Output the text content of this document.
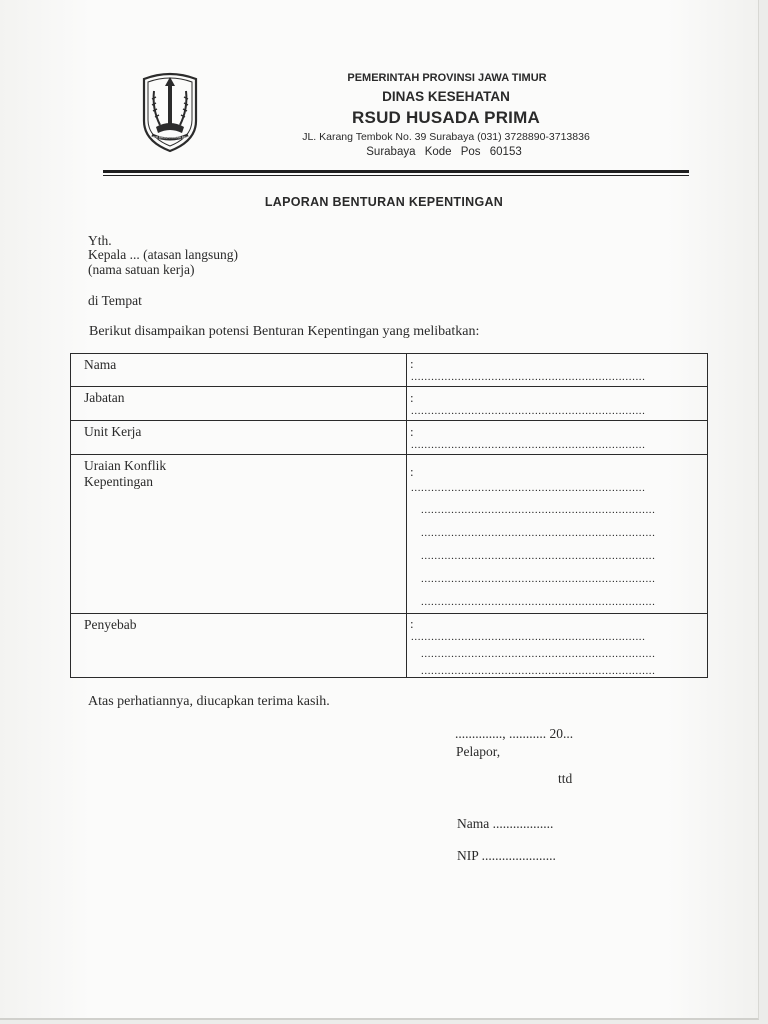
JER BASUKI MAWA BEA
PEMERINTAH PROVINSI JAWA TIMUR
DINAS KESEHATAN
RSUD HUSADA PRIMA
JL. Karang Tembok No. 39 Surabaya (031) 3728890-3713836
Surabaya Kode Pos 60153
LAPORAN BENTURAN KEPENTINGAN
Yth.
Kepala ... (atasan langsung)
(nama satuan kerja)
di Tempat
Berikut disampaikan potensi Benturan Kepentingan yang melibatkan:
Nama	:
......................................................................
Jabatan	:
......................................................................
Unit Kerja	:
......................................................................
Uraian Konflik
Kepentingan
:
......................................................................
......................................................................
......................................................................
......................................................................
......................................................................
......................................................................
Penyebab	:
......................................................................
......................................................................
......................................................................
Atas perhatiannya, diucapkan terima kasih.
.............., ........... 20...
Pelapor,
ttd
Nama ..................
NIP ......................
